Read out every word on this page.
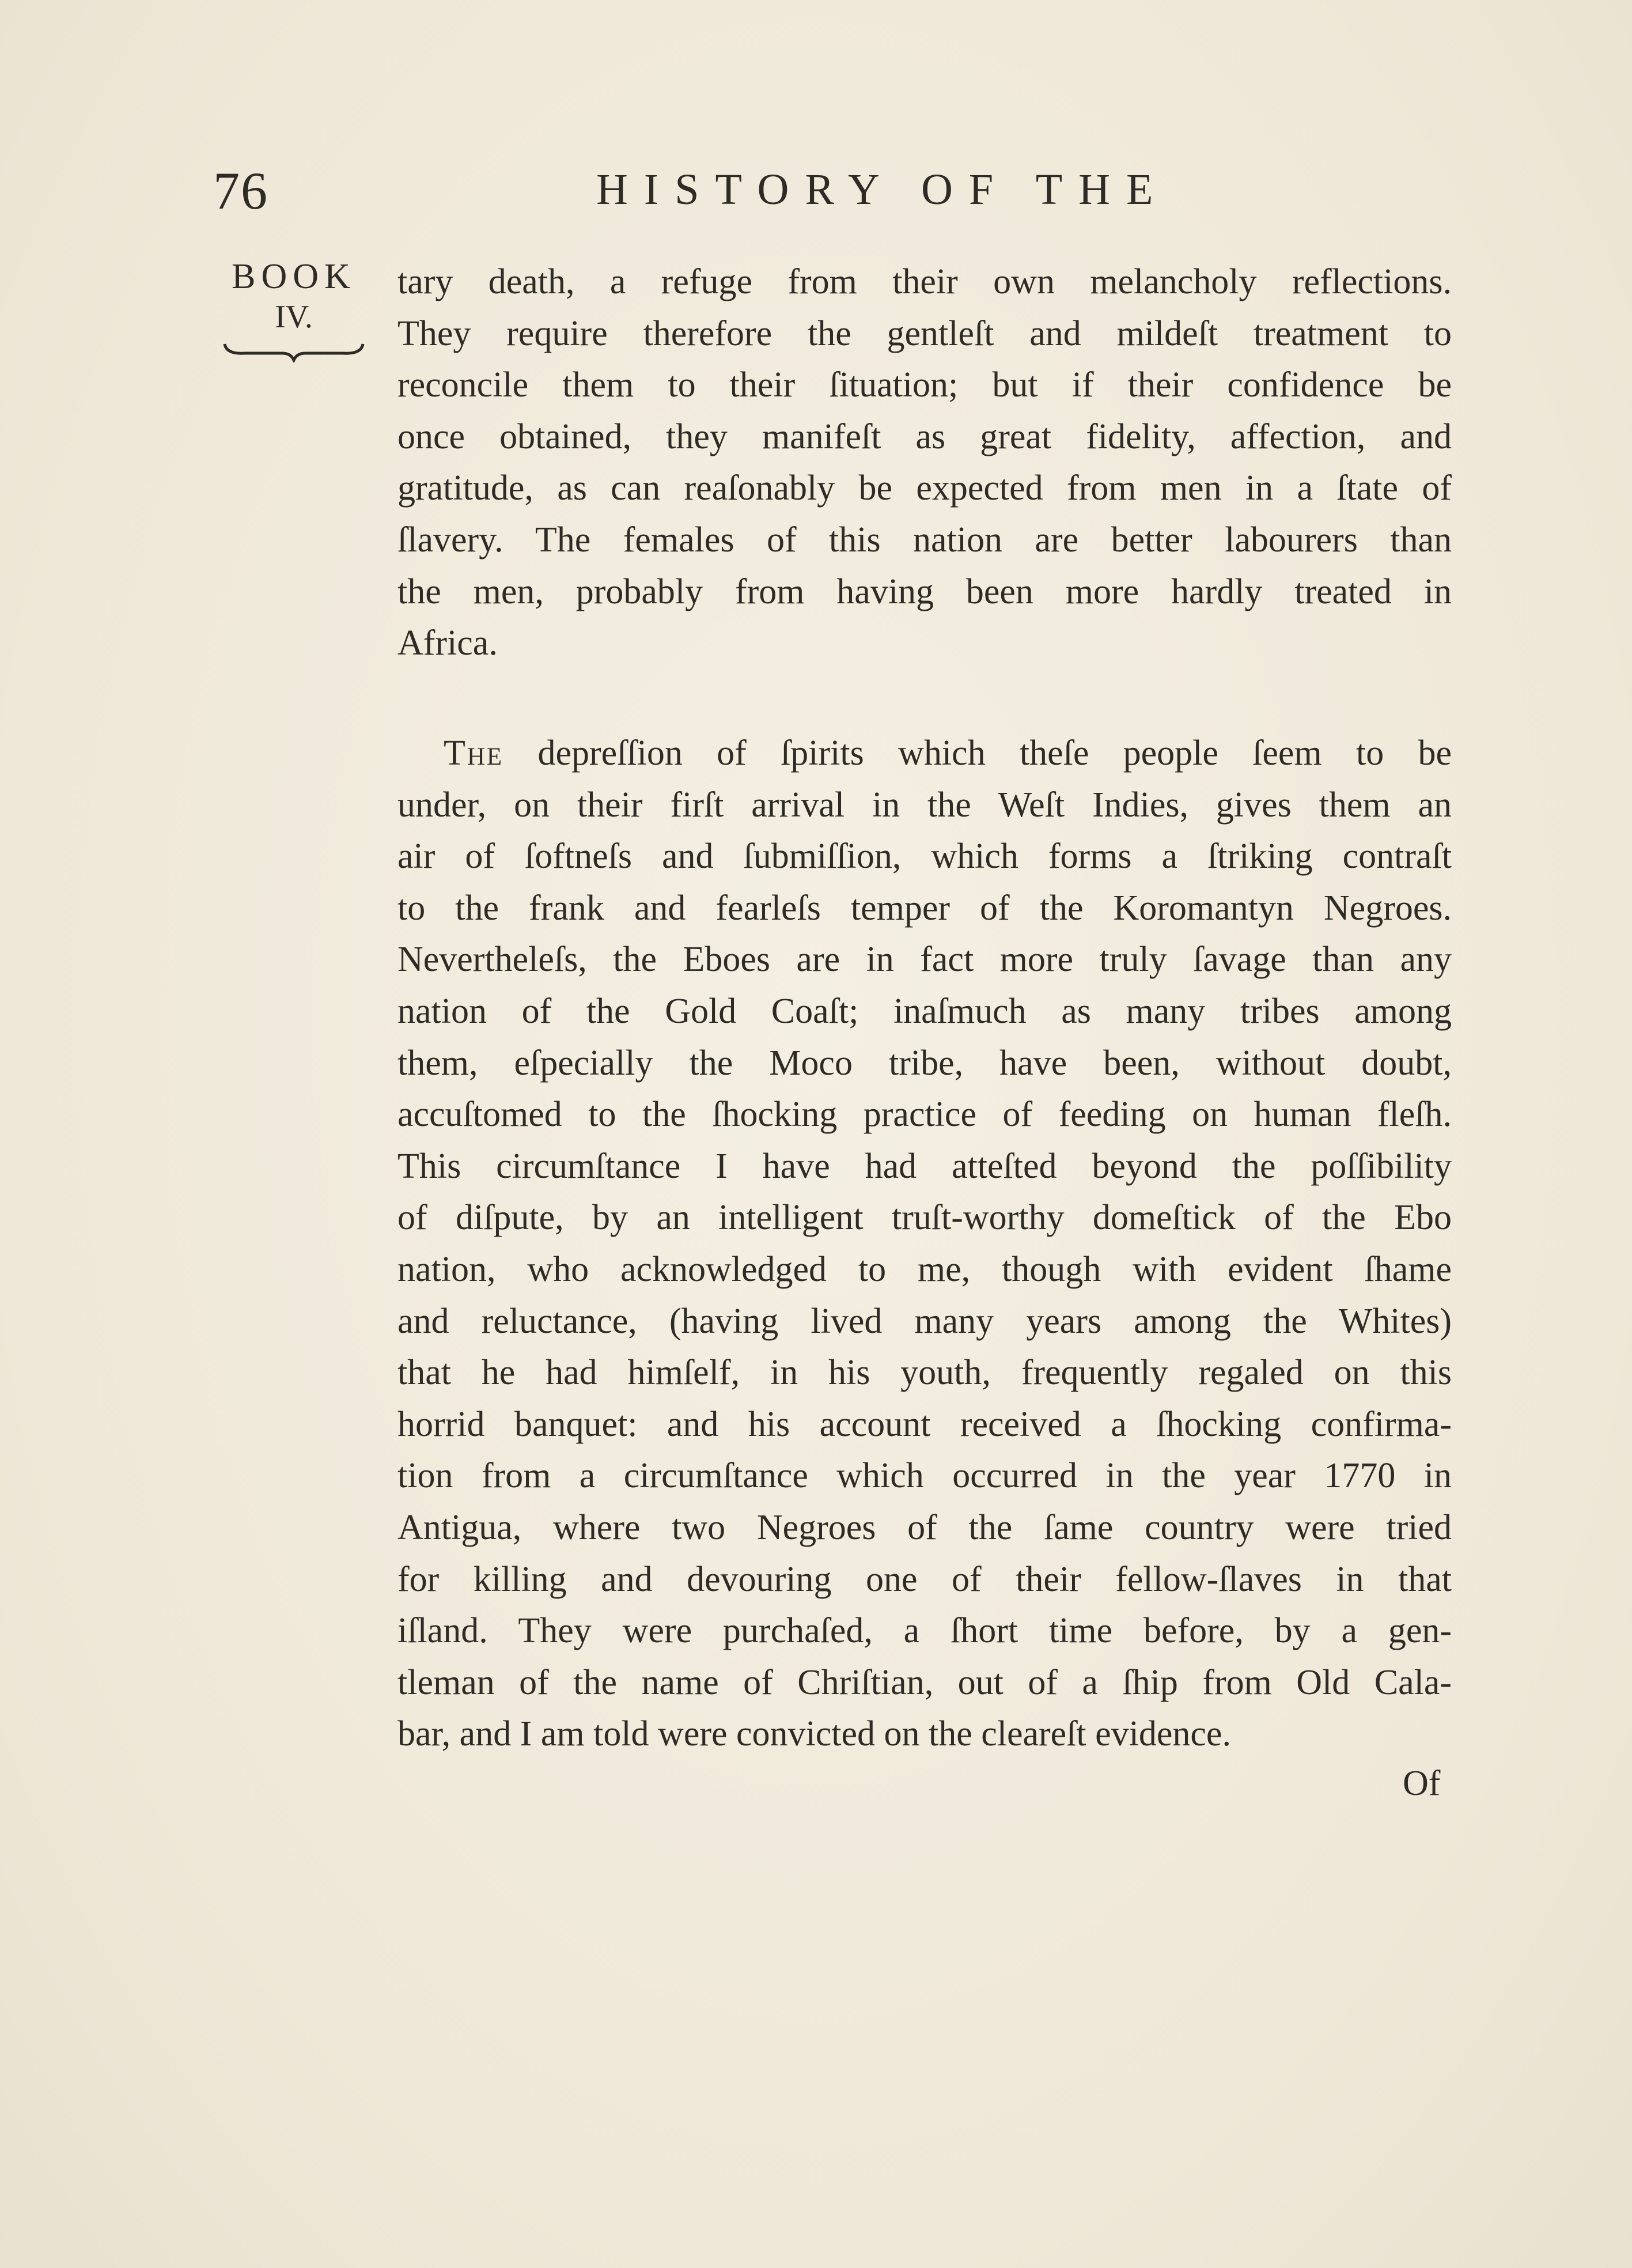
76	HISTORY OF THE
BOOK
IV.
tary death, a refuge from their own melancholy reflections.
They require therefore the gentleſt and mildeſt treatment to
reconcile them to their ſituation; but if their confidence be
once obtained, they manifeſt as great fidelity, affection, and
gratitude, as can reaſonably be expected from men in a ſtate of
ſlavery. The females of this nation are better labourers than
the men, probably from having been more hardly treated in
Africa.
The depreſſion of ſpirits which theſe people ſeem to be
under, on their firſt arrival in the Weſt Indies, gives them an
air of ſoftneſs and ſubmiſſion, which forms a ſtriking contraſt
to the frank and fearleſs temper of the Koromantyn Negroes.
Nevertheleſs, the Eboes are in fact more truly ſavage than any
nation of the Gold Coaſt; inaſmuch as many tribes among
them, eſpecially the Moco tribe, have been, without doubt,
accuſtomed to the ſhocking practice of feeding on human fleſh.
This circumſtance I have had atteſted beyond the poſſibility
of diſpute, by an intelligent truſt-worthy domeſtick of the Ebo
nation, who acknowledged to me, though with evident ſhame
and reluctance, (having lived many years among the Whites)
that he had himſelf, in his youth, frequently regaled on this
horrid banquet: and his account received a ſhocking confirma-
tion from a circumſtance which occurred in the year 1770 in
Antigua, where two Negroes of the ſame country were tried
for killing and devouring one of their fellow-ſlaves in that
iſland. They were purchaſed, a ſhort time before, by a gen-
tleman of the name of Chriſtian, out of a ſhip from Old Cala-
bar, and I am told were convicted on the cleareſt evidence.
Of
